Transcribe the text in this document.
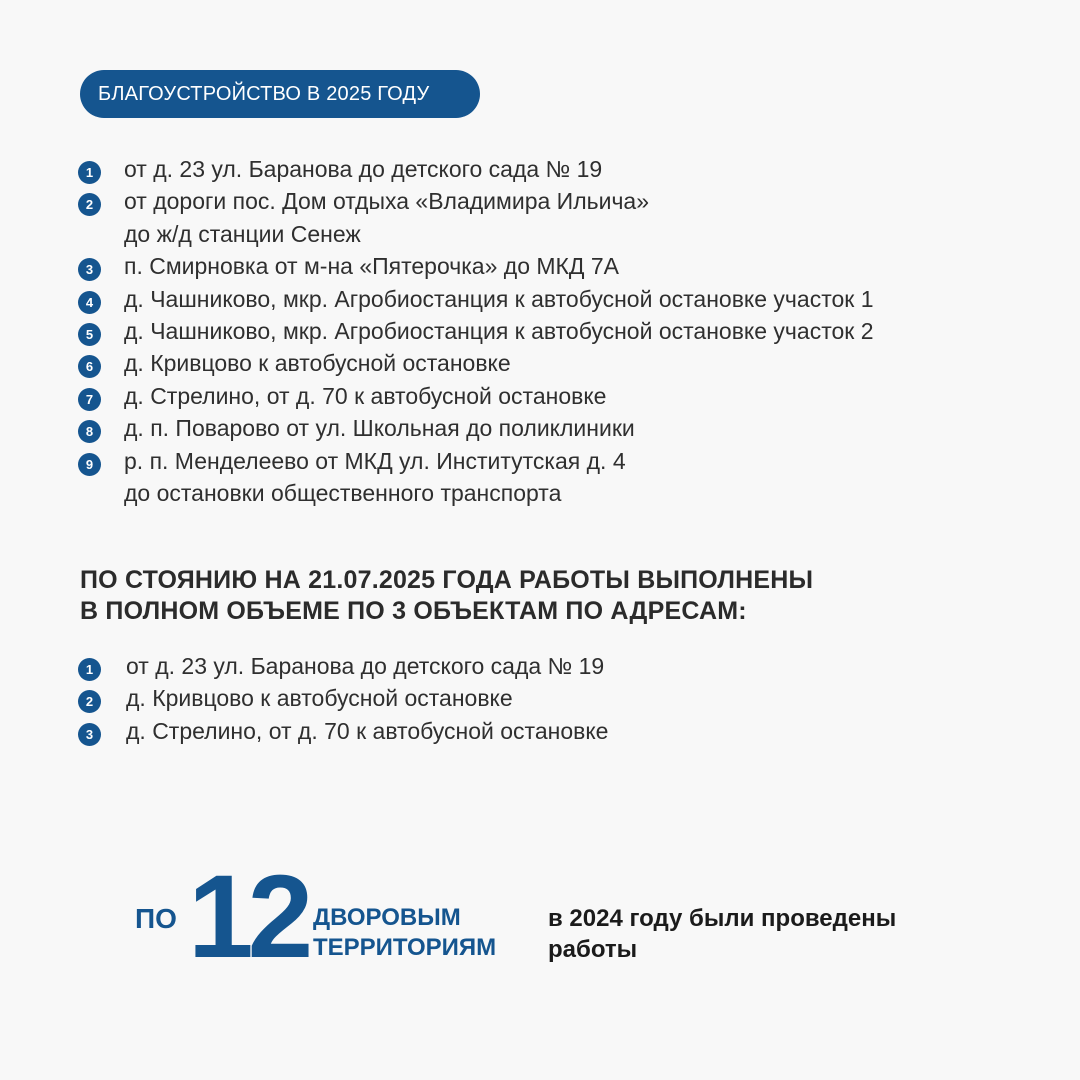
БЛАГОУСТРОЙСТВО В 2025 ГОДУ
1	от д. 23 ул. Баранова до детского сада № 19
2	от дороги пос. Дом отдыха «Владимира Ильича»
до ж/д станции Сенеж
3	п. Смирновка от м-на «Пятерочка» до МКД 7А
4	д. Чашниково, мкр. Агробиостанция к автобусной остановке участок 1
5	д. Чашниково, мкр. Агробиостанция к автобусной остановке участок 2
6	д. Кривцово к автобусной остановке
7	д. Стрелино, от д. 70 к автобусной остановке
8	д. п. Поварово от ул. Школьная до поликлиники
9	р. п. Менделеево от МКД ул. Институтская д. 4
до остановки общественного транспорта
ПО СТОЯНИЮ НА 21.07.2025 ГОДА РАБОТЫ ВЫПОЛНЕНЫ
В ПОЛНОМ ОБЪЕМЕ ПО 3 ОБЪЕКТАМ ПО АДРЕСАМ:
1	от д. 23 ул. Баранова до детского сада № 19
2	д. Кривцово к автобусной остановке
3	д. Стрелино, от д. 70 к автобусной остановке
ПО 12 ДВОРОВЫМ
ТЕРРИТОРИЯМ
в 2024 году были проведены
работы
